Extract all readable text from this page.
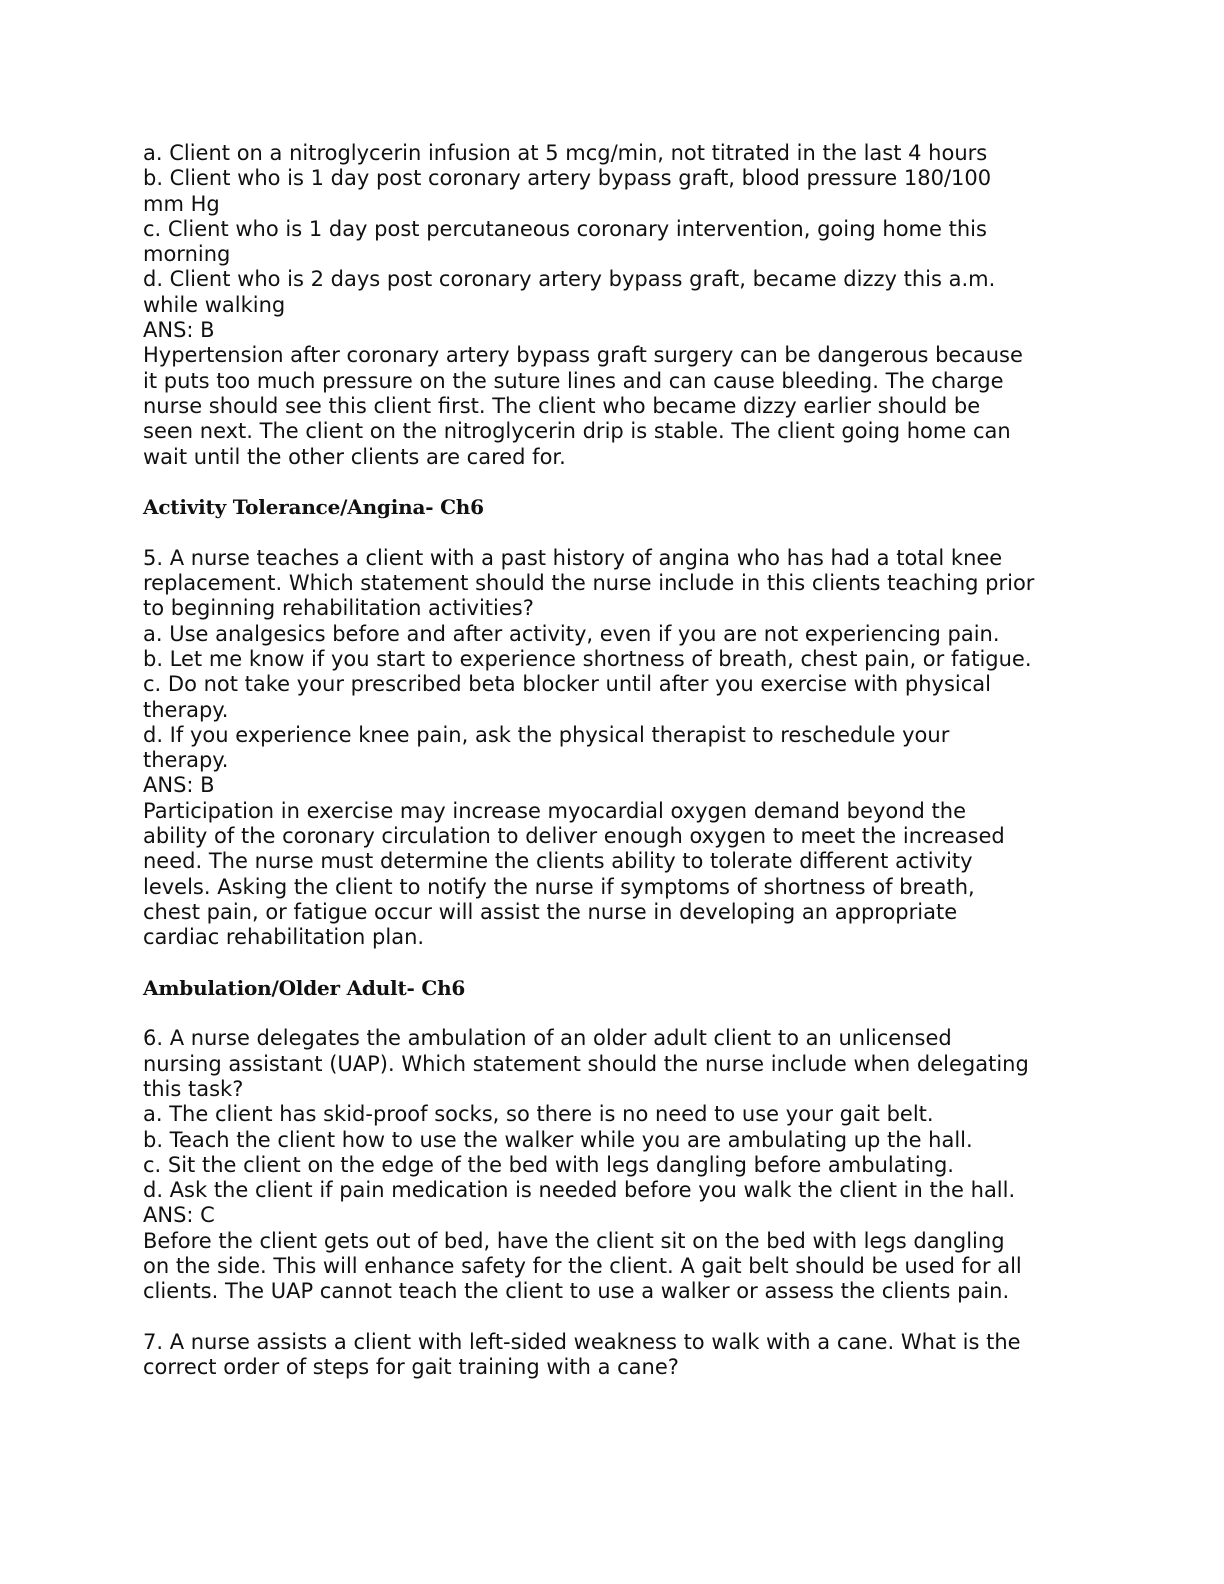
a. Client on a nitroglycerin infusion at 5 mcg/min, not titrated in the last 4 hours

b. Client who is 1 day post coronary artery bypass graft, blood pressure 180/100

mm Hg

c. Client who is 1 day post percutaneous coronary intervention, going home this

morning

d. Client who is 2 days post coronary artery bypass graft, became dizzy this a.m.

while walking

ANS: B

Hypertension after coronary artery bypass graft surgery can be dangerous because

it puts too much pressure on the suture lines and can cause bleeding. The charge

nurse should see this client first. The client who became dizzy earlier should be

seen next. The client on the nitroglycerin drip is stable. The client going home can

wait until the other clients are cared for.

Activity Tolerance/Angina- Ch6

5. A nurse teaches a client with a past history of angina who has had a total knee

replacement. Which statement should the nurse include in this clients teaching prior

to beginning rehabilitation activities?

a. Use analgesics before and after activity, even if you are not experiencing pain.

b. Let me know if you start to experience shortness of breath, chest pain, or fatigue.

c. Do not take your prescribed beta blocker until after you exercise with physical

therapy.

d. If you experience knee pain, ask the physical therapist to reschedule your

therapy.

ANS: B

Participation in exercise may increase myocardial oxygen demand beyond the

ability of the coronary circulation to deliver enough oxygen to meet the increased

need. The nurse must determine the clients ability to tolerate different activity

levels. Asking the client to notify the nurse if symptoms of shortness of breath,

chest pain, or fatigue occur will assist the nurse in developing an appropriate

cardiac rehabilitation plan.

Ambulation/Older Adult- Ch6

6. A nurse delegates the ambulation of an older adult client to an unlicensed

nursing assistant (UAP). Which statement should the nurse include when delegating

this task?

a. The client has skid-proof socks, so there is no need to use your gait belt.

b. Teach the client how to use the walker while you are ambulating up the hall.

c. Sit the client on the edge of the bed with legs dangling before ambulating.

d. Ask the client if pain medication is needed before you walk the client in the hall.

ANS: C

Before the client gets out of bed, have the client sit on the bed with legs dangling

on the side. This will enhance safety for the client. A gait belt should be used for all

clients. The UAP cannot teach the client to use a walker or assess the clients pain.

7. A nurse assists a client with left-sided weakness to walk with a cane. What is the

correct order of steps for gait training with a cane?
